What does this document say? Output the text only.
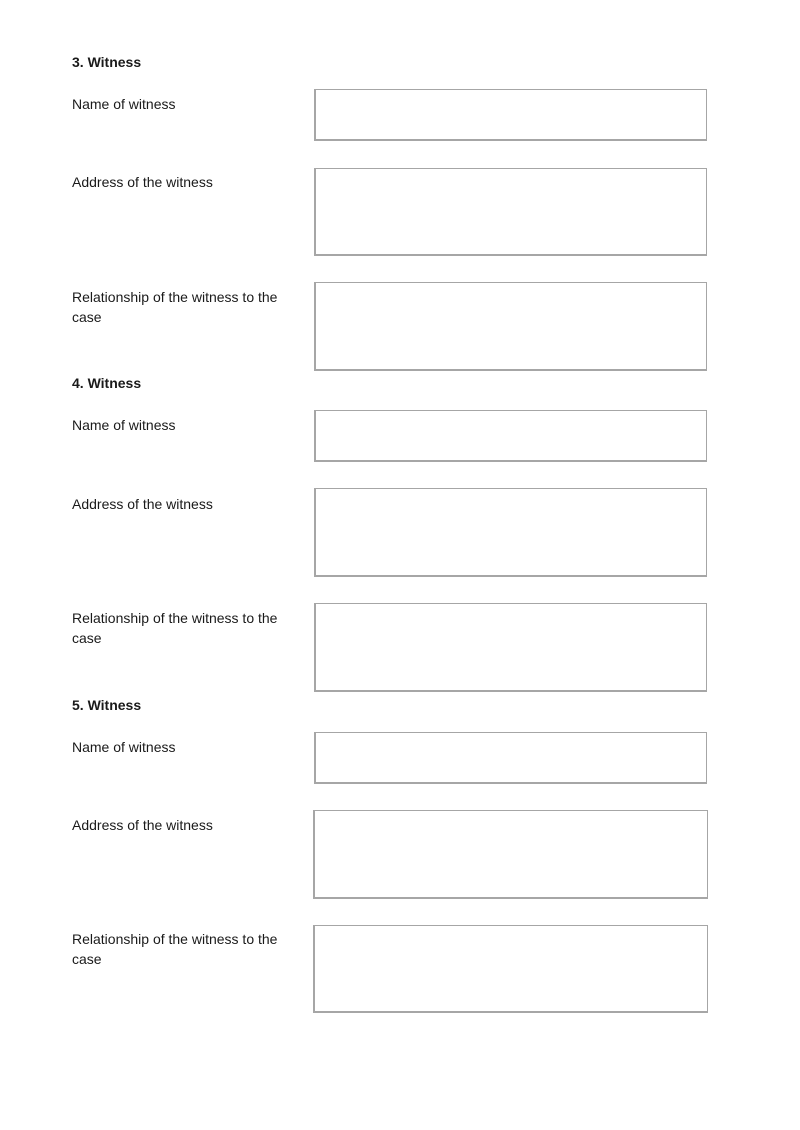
3. Witness
Name of witness
Address of the witness
Relationship of the witness to the case
4. Witness
Name of witness
Address of the witness
Relationship of the witness to the case
5. Witness
Name of witness
Address of the witness
Relationship of the witness to the case
